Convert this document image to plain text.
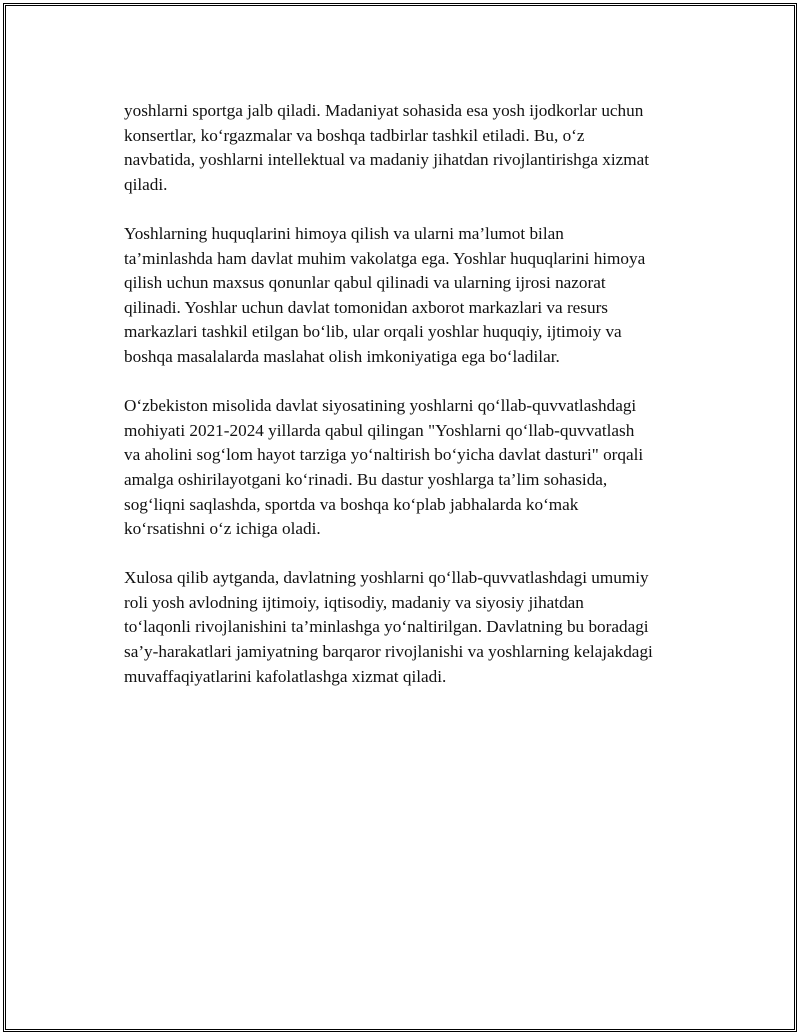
yoshlarni sportga jalb qiladi. Madaniyat sohasida esa yosh ijodkorlar uchun
konsertlar, ko‘rgazmalar va boshqa tadbirlar tashkil etiladi. Bu, o‘z
navbatida, yoshlarni intellektual va madaniy jihatdan rivojlantirishga xizmat
qiladi.

Yoshlarning huquqlarini himoya qilish va ularni ma’lumot bilan
ta’minlashda ham davlat muhim vakolatga ega. Yoshlar huquqlarini himoya
qilish uchun maxsus qonunlar qabul qilinadi va ularning ijrosi nazorat
qilinadi. Yoshlar uchun davlat tomonidan axborot markazlari va resurs
markazlari tashkil etilgan bo‘lib, ular orqali yoshlar huquqiy, ijtimoiy va
boshqa masalalarda maslahat olish imkoniyatiga ega bo‘ladilar.

O‘zbekiston misolida davlat siyosatining yoshlarni qo‘llab-quvvatlashdagi
mohiyati 2021-2024 yillarda qabul qilingan "Yoshlarni qo‘llab-quvvatlash
va aholini sog‘lom hayot tarziga yo‘naltirish bo‘yicha davlat dasturi" orqali
amalga oshirilayotgani ko‘rinadi. Bu dastur yoshlarga ta’lim sohasida,
sog‘liqni saqlashda, sportda va boshqa ko‘plab jabhalarda ko‘mak
ko‘rsatishni o‘z ichiga oladi.

Xulosa qilib aytganda, davlatning yoshlarni qo‘llab-quvvatlashdagi umumiy
roli yosh avlodning ijtimoiy, iqtisodiy, madaniy va siyosiy jihatdan
to‘laqonli rivojlanishini ta’minlashga yo‘naltirilgan. Davlatning bu boradagi
sa’y-harakatlari jamiyatning barqaror rivojlanishi va yoshlarning kelajakdagi
muvaffaqiyatlarini kafolatlashga xizmat qiladi.
